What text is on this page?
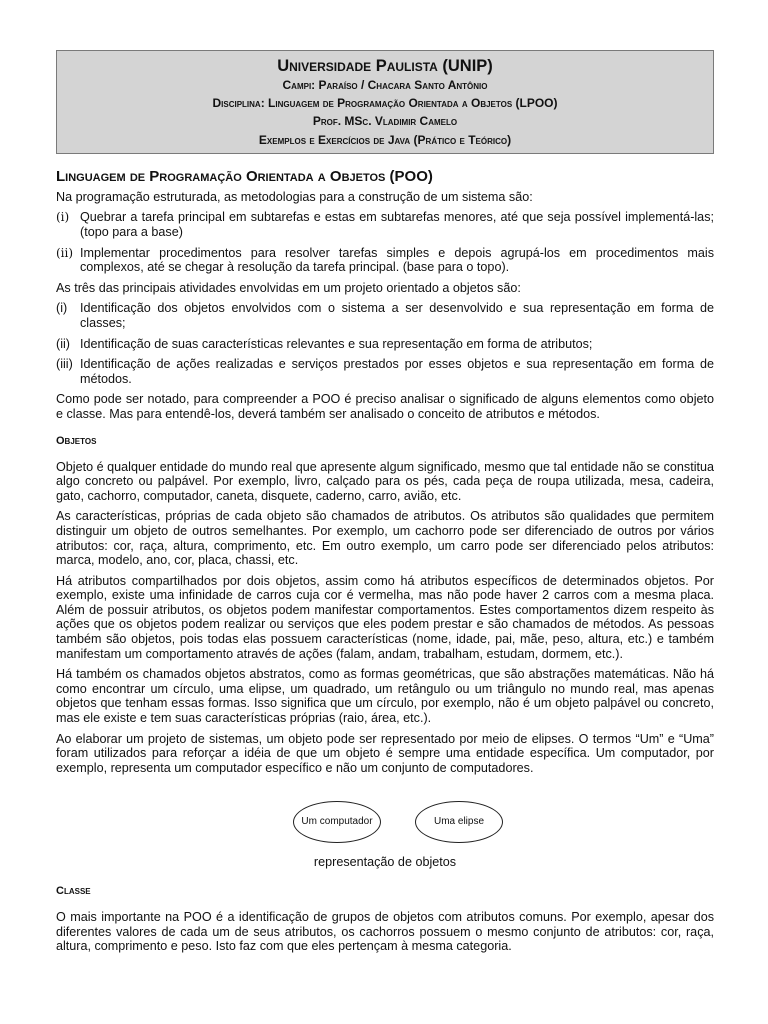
Universidade Paulista (UNIP)
Campi: Paraíso / Chacara Santo Antônio
Disciplina: Linguagem de Programação Orientada a Objetos (LPOO)
Prof. MSc. Vladimir Camelo
Exemplos e Exercícios de Java (Prático e Teórico)
Linguagem de Programação Orientada a Objetos (POO)

Na programação estruturada, as metodologias para a construção de um sistema são:

(i) Quebrar a tarefa principal em subtarefas e estas em subtarefas menores, até que seja possível implementá-las; (topo para a base)
(ii) Implementar procedimentos para resolver tarefas simples e depois agrupá-los em procedimentos mais complexos, até se chegar à resolução da tarefa principal. (base para o topo).

As três das principais atividades envolvidas em um projeto orientado a objetos são:

(i)	Identificação dos objetos envolvidos com o sistema a ser desenvolvido e sua representação em forma de classes;
(ii) Identificação de suas características relevantes e sua representação em forma de atributos;
(iii) Identificação de ações realizadas e serviços prestados por esses objetos e sua representação em forma de métodos.

Como pode ser notado, para compreender a POO é preciso analisar o significado de alguns elementos como objeto e classe. Mas para entendê-los, deverá também ser analisado o conceito de atributos e métodos.

Objetos

Objeto é qualquer entidade do mundo real que apresente algum significado, mesmo que tal entidade não se constitua algo concreto ou palpável. Por exemplo, livro, calçado para os pés, cada peça de roupa utilizada, mesa, cadeira, gato, cachorro, computador, caneta, disquete, caderno, carro, avião, etc.

As características, próprias de cada objeto são chamados de atributos. Os atributos são qualidades que permitem distinguir um objeto de outros semelhantes. Por exemplo, um cachorro pode ser diferenciado de outros por vários atributos: cor, raça, altura, comprimento, etc. Em outro exemplo, um carro pode ser diferenciado pelos atributos: marca, modelo, ano, cor, placa, chassi, etc.

Há atributos compartilhados por dois objetos, assim como há atributos específicos de determinados objetos. Por exemplo, existe uma infinidade de carros cuja cor é vermelha, mas não pode haver 2 carros com a mesma placa. Além de possuir atributos, os objetos podem manifestar comportamentos. Estes comportamentos dizem respeito às ações que os objetos podem realizar ou serviços que eles podem prestar e são chamados de métodos. As pessoas também são objetos, pois todas elas possuem características (nome, idade, pai, mãe, peso, altura, etc.) e também manifestam um comportamento através de ações (falam, andam, trabalham, estudam, dormem, etc.).

Há também os chamados objetos abstratos, como as formas geométricas, que são abstrações matemáticas. Não há como encontrar um círculo, uma elipse, um quadrado, um retângulo ou um triângulo no mundo real, mas apenas objetos que tenham essas formas. Isso significa que um círculo, por exemplo, não é um objeto palpável ou concreto, mas ele existe e tem suas características próprias (raio, área, etc.).

Ao elaborar um projeto de sistemas, um objeto pode ser representado por meio de elipses. O termos “Um” e “Uma” foram utilizados para reforçar a idéia de que um objeto é sempre uma entidade específica. Um computador, por exemplo, representa um computador específico e não um conjunto de computadores.

Um computador	Uma elipse
representação de objetos
Classe

O mais importante na POO é a identificação de grupos de objetos com atributos comuns. Por exemplo, apesar dos diferentes valores de cada um de seus atributos, os cachorros possuem o mesmo conjunto de atributos: cor, raça, altura, comprimento e peso. Isto faz com que eles pertençam à mesma categoria.
